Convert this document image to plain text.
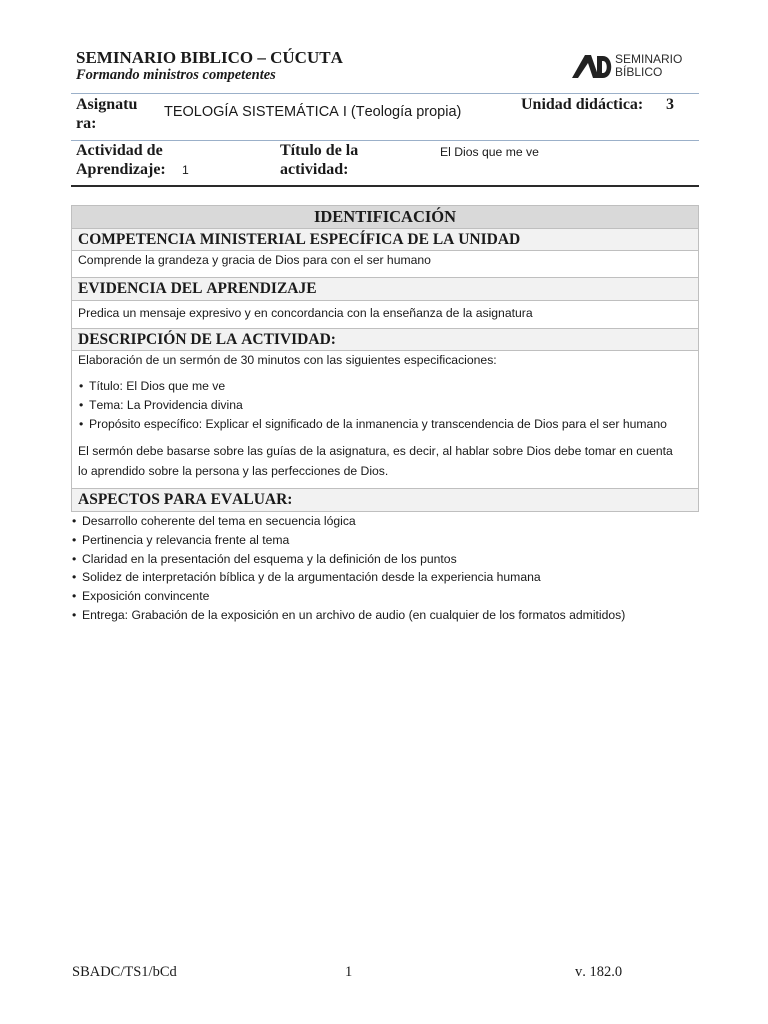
SEMINARIO BIBLICO – CÚCUTA
Formando ministros competentes
SEMINARIO
BÍBLICO
Asignatura:
TEOLOGÍA SISTEMÁTICA I (Teología propia)	Unidad didáctica: 3
Actividad de Aprendizaje:	1
Título de la actividad:
El Dios que me ve
IDENTIFICACIÓN
COMPETENCIA MINISTERIAL ESPECÍFICA DE LA UNIDAD
Comprende la grandeza y gracia de Dios para con el ser humano
EVIDENCIA DEL APRENDIZAJE
Predica un mensaje expresivo y en concordancia con la enseñanza de la asignatura
DESCRIPCIÓN DE LA ACTIVIDAD:

Elaboración de un sermón de 30 minutos con las siguientes especificaciones:

• Título: El Dios que me ve
• Tema: La Providencia divina
• Propósito específico: Explicar el significado de la inmanencia y transcendencia de Dios para el ser humano

El sermón debe basarse sobre las guías de la asignatura, es decir, al hablar sobre Dios debe tomar en cuenta lo aprendido sobre la persona y las perfecciones de Dios.

ASPECTOS PARA EVALUAR:
• Desarrollo coherente del tema en secuencia lógica
• Pertinencia y relevancia frente al tema
• Claridad en la presentación del esquema y la definición de los puntos
• Solidez de interpretación bíblica y de la argumentación desde la experiencia humana
• Exposición convincente
• Entrega: Grabación de la exposición en un archivo de audio (en cualquier de los formatos admitidos)
SBADC/TS1/bCd	1	v. 182.0
